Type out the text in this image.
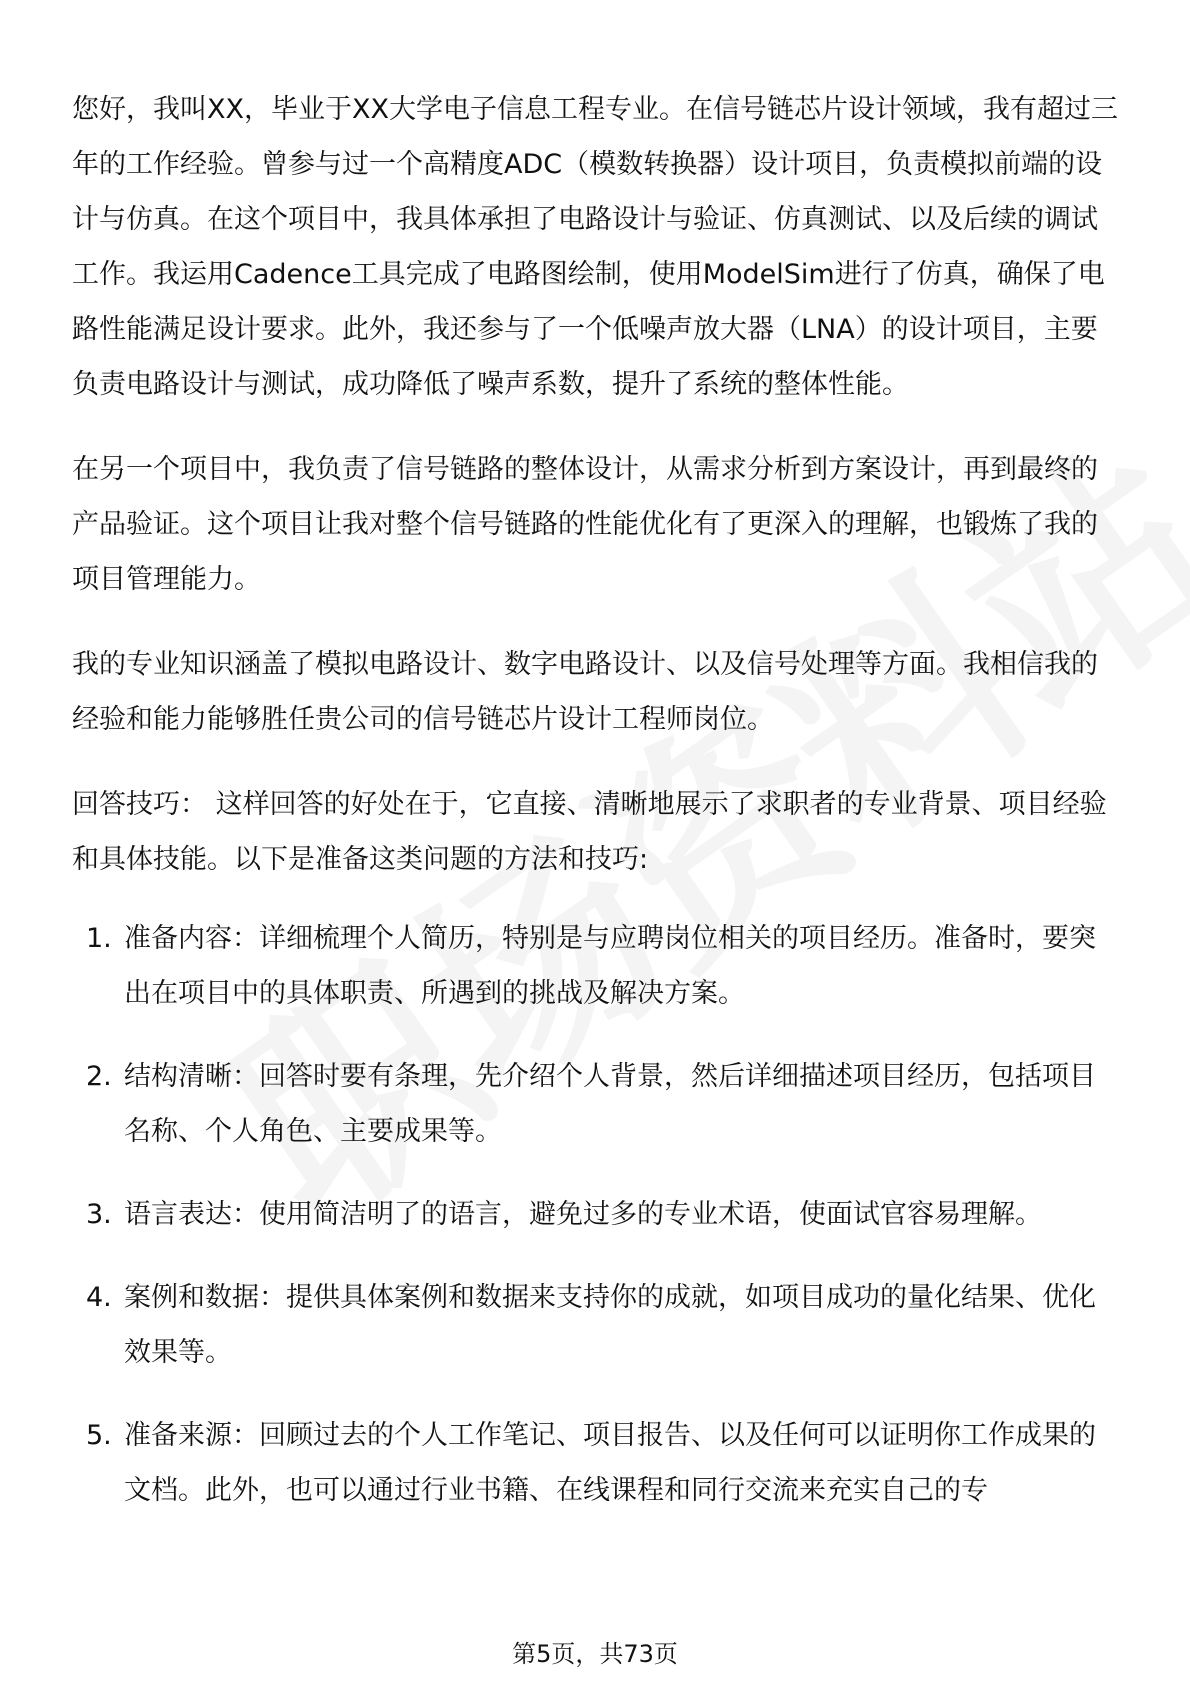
您好，我叫XX，毕业于XX大学电子信息工程专业。在信号链芯片设计领域，我有超过三年的工作经验。曾参与过一个高精度ADC（模数转换器）设计项目，负责模拟前端的设计与仿真。在这个项目中，我具体承担了电路设计与验证、仿真测试、以及后续的调试工作。我运用Cadence工具完成了电路图绘制，使用ModelSim进行了仿真，确保了电路性能满足设计要求。此外，我还参与了一个低噪声放大器（LNA）的设计项目，主要负责电路设计与测试，成功降低了噪声系数，提升了系统的整体性能。

在另一个项目中，我负责了信号链路的整体设计，从需求分析到方案设计，再到最终的产品验证。这个项目让我对整个信号链路的性能优化有了更深入的理解，也锻炼了我的项目管理能力。

我的专业知识涵盖了模拟电路设计、数字电路设计、以及信号处理等方面。我相信我的经验和能力能够胜任贵公司的信号链芯片设计工程师岗位。

回答技巧： 这样回答的好处在于，它直接、清晰地展示了求职者的专业背景、项目经验和具体技能。以下是准备这类问题的方法和技巧:

1. 准备内容：详细梳理个人简历，特别是与应聘岗位相关的项目经历。准备时，要突出在项目中的具体职责、所遇到的挑战及解决方案。
2. 结构清晰：回答时要有条理，先介绍个人背景，然后详细描述项目经历，包括项目名称、个人角色、主要成果等。
3. 语言表达：使用简洁明了的语言，避免过多的专业术语，使面试官容易理解。
4. 案例和数据：提供具体案例和数据来支持你的成就，如项目成功的量化结果、优化效果等。
5. 准备来源：回顾过去的个人工作笔记、项目报告、以及任何可以证明你工作成果的文档。此外，也可以通过行业书籍、在线课程和同行交流来充实自己的专
第5页，共73页
